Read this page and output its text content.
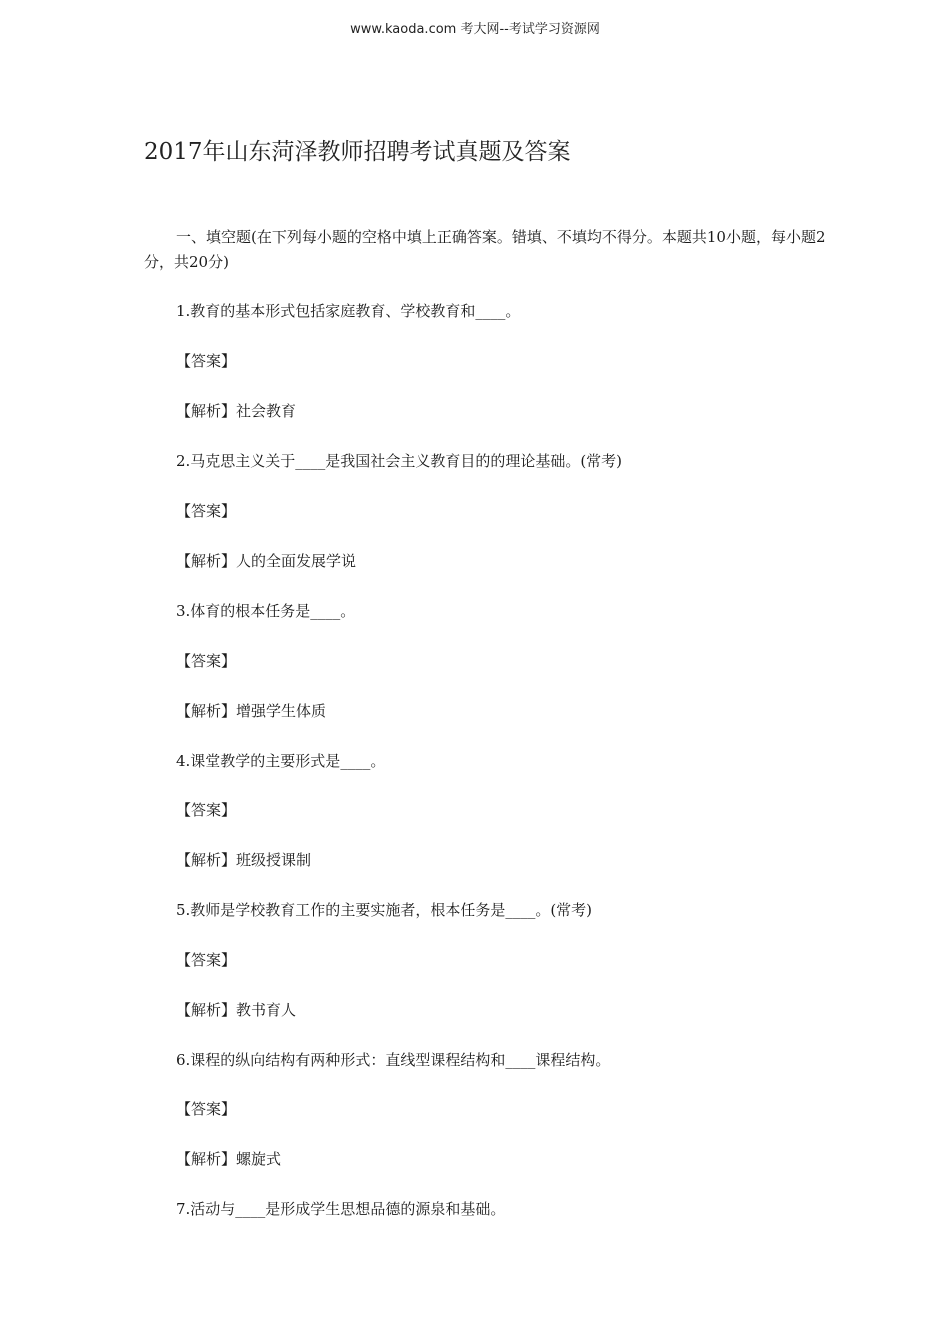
www.kaoda.com 考大网--考试学习资源网
2017年山东菏泽教师招聘考试真题及答案
一、填空题(在下列每小题的空格中填上正确答案。错填、不填均不得分。本题共10小题，每小题2分，共20分)
1.教育的基本形式包括家庭教育、学校教育和____。
【答案】
【解析】社会教育
2.马克思主义关于____是我国社会主义教育目的的理论基础。(常考)
【答案】
【解析】人的全面发展学说
3.体育的根本任务是____。
【答案】
【解析】增强学生体质
4.课堂教学的主要形式是____。
【答案】
【解析】班级授课制
5.教师是学校教育工作的主要实施者，根本任务是____。(常考)
【答案】
【解析】教书育人
6.课程的纵向结构有两种形式：直线型课程结构和____课程结构。
【答案】
【解析】螺旋式
7.活动与____是形成学生思想品德的源泉和基础。
